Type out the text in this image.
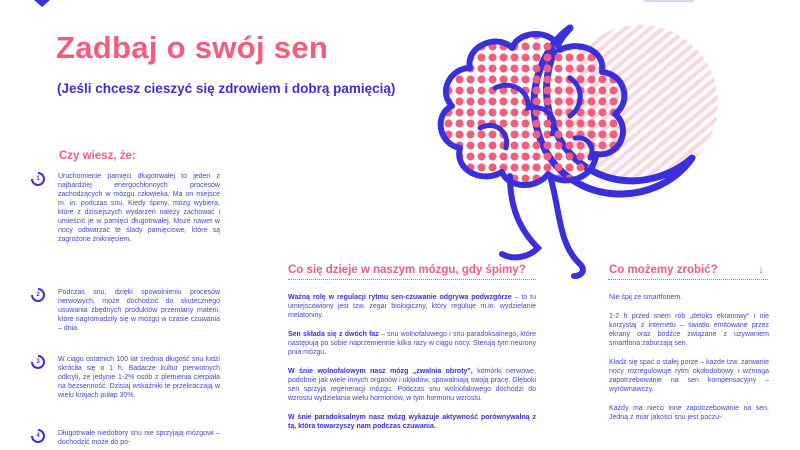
Zadbaj o swój sen
(Jeśli chcesz cieszyć się zdrowiem i dobrą pamięcią)
Czy wiesz, że:
1	Uruchomienie pamięci długotrwałej to jeden z najbardziej energochłonnych procesów zachodzących w mózgu człowieka. Ma on miejsce m. in. podczas snu. Kiedy śpimy, mózg wybiera, które z dzisiejszych wydarzeń należy zachować i umieścić je w pamięci długotrwałej. Może nawet w nocy odtwarzać te ślady pamięciowe, które są zagrożone zniknięciem.
2	Podczas snu, dzięki spowolnieniu procesów nerwowych, może dochodzić do skutecznego usuwania zbędnych produktów przemiany materii, które nagromadziły się w mózgu w czasie czuwania – dnia.
3	W ciągu ostatnich 100 lat średnia długość snu ludzi skróciła się o 1 h. Badacze kultur pierwotnych odkryli, że jedynie 1-2% osób z plemienia cierpiała na bezsenność. Dzisiaj wskaźniki te przekraczają w wielu krajach pułap 30%.
4	Długotrwałe niedobory snu nie sprzyjają mózgowi – dochodzić może do po-
Co się dzieje w naszym mózgu, gdy śpimy?

Ważną rolę w regulacji rytmu sen-czuwanie odgrywa podwzgórze – to tu umiejscowiony jest tzw. zegar biologiczny, który reguluje m.in. wydzielanie melatoniny.

Sen składa się z dwóch faz – snu wolnofalowego i snu paradoksalnego, które następują po sobie naprzemiennie kilka razy w ciągu nocy. Sterują tym neurony pnia mózgu.

W śnie wolnofalowym nasz mózg „zwalnia obroty", komórki nerwowe, podobnie jak wiele innych organów i układów, spowalniają swoją pracę. Głęboki sen sprzyja regeneracji mózgu. Podczas snu wolnofalowego dochodzi do wzrostu wydzielania wielu hormonów, w tym hormonu wzrostu.

W śnie paradoksalnym nasz mózg wykazuje aktywność porównywalną z tą, która towarzyszy nam podczas czuwania.

Co możemy zrobić?	↓

Nie śpij ze smartfonem.

1-2 h przed snem rób „detoks ekranowy" i nie korzystaj z internetu – światło emitowane przez ekrany oraz bodźce związane z używaniem smartfona zaburzają sen.

Kładź się spać o stałej porze – każde tzw. zarwanie nocy rozregulowuje rytm okołodobowy i wzmaga zapotrzebowanie na sen kompensacyjny – wyrównawczy.

Każdy ma nieco inne zapotrzebowanie na sen. Jedną z miar jakości snu jest poczu-
